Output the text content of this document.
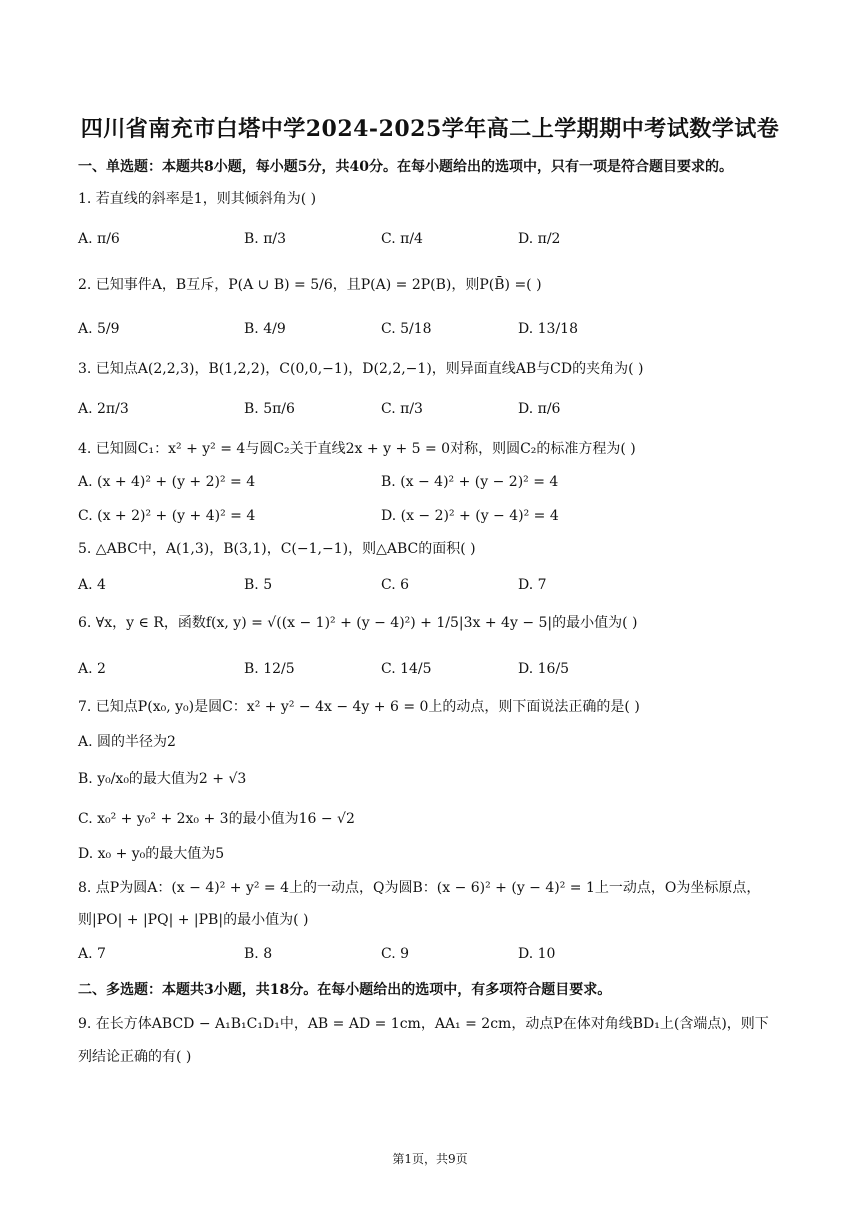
四川省南充市白塔中学2024-2025学年高二上学期期中考试数学试卷
一、单选题：本题共8小题，每小题5分，共40分。在每小题给出的选项中，只有一项是符合题目要求的。
1. 若直线的斜率是1，则其倾斜角为( )
A. π/6	B. π/3	C. π/4	D. π/2
2. 已知事件A，B互斥，P(A ∪ B) = 5/6，且P(A) = 2P(B)，则P(B̄) =( )
A. 5/9	B. 4/9	C. 5/18	D. 13/18
3. 已知点A(2,2,3)，B(1,2,2)，C(0,0,−1)，D(2,2,−1)，则异面直线AB与CD的夹角为( )
A. 2π/3	B. 5π/6	C. π/3	D. π/6
4. 已知圆C₁：x² + y² = 4与圆C₂关于直线2x + y + 5 = 0对称，则圆C₂的标准方程为( )
A. (x + 4)² + (y + 2)² = 4	B. (x − 4)² + (y − 2)² = 4
C. (x + 2)² + (y + 4)² = 4	D. (x − 2)² + (y − 4)² = 4
5. △ABC中，A(1,3)，B(3,1)，C(−1,−1)，则△ABC的面积( )
A. 4	B. 5	C. 6	D. 7
6. ∀x，y ∈ R，函数f(x, y) = √((x − 1)² + (y − 4)²) + 1/5|3x + 4y − 5|的最小值为( )
A. 2	B. 12/5	C. 14/5	D. 16/5
7. 已知点P(x₀, y₀)是圆C：x² + y² − 4x − 4y + 6 = 0上的动点，则下面说法正确的是( )
A. 圆的半径为2
B. y₀/x₀的最大值为2 + √3
C. x₀² + y₀² + 2x₀ + 3的最小值为16 − √2
D. x₀ + y₀的最大值为5
8. 点P为圆A：(x − 4)² + y² = 4上的一动点，Q为圆B：(x − 6)² + (y − 4)² = 1上一动点，O为坐标原点，
则|PO| + |PQ| + |PB|的最小值为( )
A. 7	B. 8	C. 9	D. 10
二、多选题：本题共3小题，共18分。在每小题给出的选项中，有多项符合题目要求。
9. 在长方体ABCD − A₁B₁C₁D₁中，AB = AD = 1cm，AA₁ = 2cm，动点P在体对角线BD₁上(含端点)，则下
列结论正确的有( )
第1页，共9页
